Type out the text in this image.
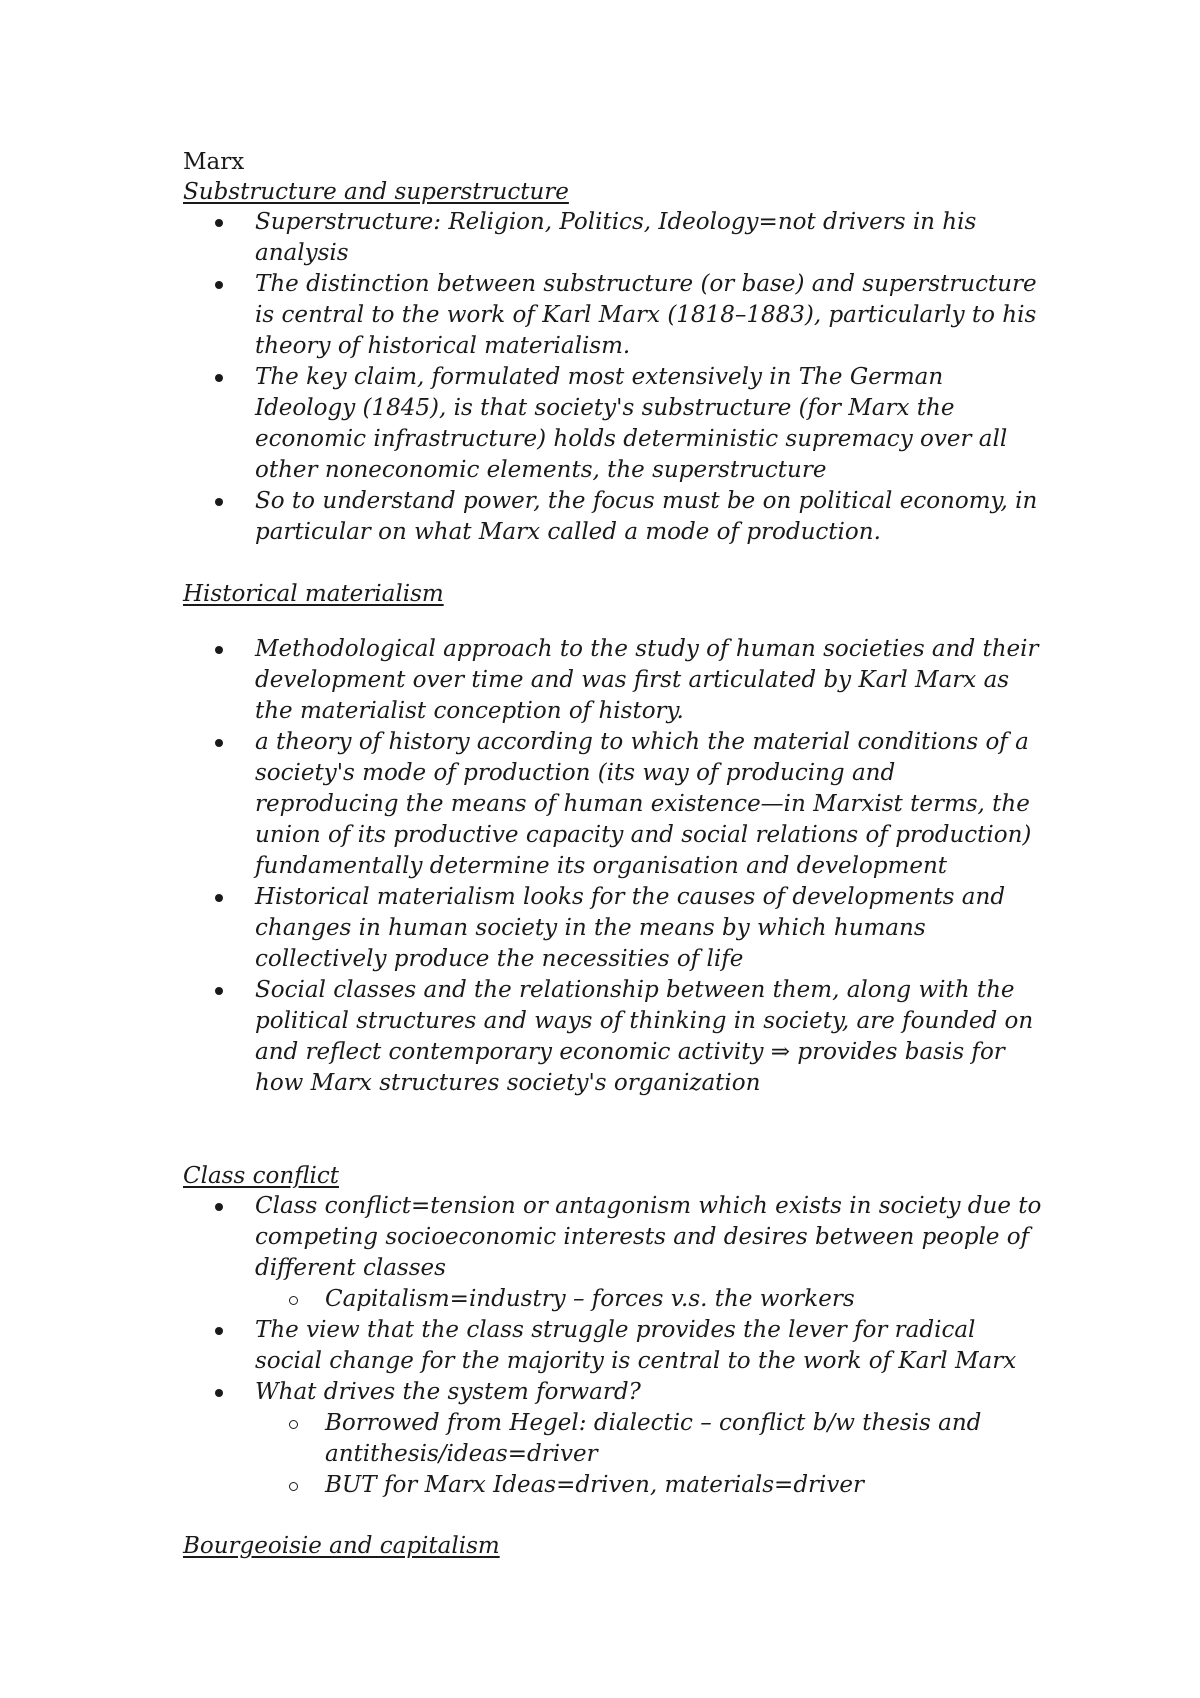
Marx
Substructure and superstructure
Superstructure: Religion, Politics, Ideology=not drivers in his analysis
The distinction between substructure (or base) and superstructure is central to the work of Karl Marx (1818–1883), particularly to his theory of historical materialism.
The key claim, formulated most extensively in The German Ideology (1845), is that society's substructure (for Marx the economic infrastructure) holds deterministic supremacy over all other noneconomic elements, the superstructure
So to understand power, the focus must be on political economy, in particular on what Marx called a mode of production.
Historical materialism
Methodological approach to the study of human societies and their development over time and was first articulated by Karl Marx as the materialist conception of history.
a theory of history according to which the material conditions of a society's mode of production (its way of producing and reproducing the means of human existence—in Marxist terms, the union of its productive capacity and social relations of production) fundamentally determine its organisation and development
Historical materialism looks for the causes of developments and changes in human society in the means by which humans collectively produce the necessities of life
Social classes and the relationship between them, along with the political structures and ways of thinking in society, are founded on and reflect contemporary economic activity ⇒ provides basis for how Marx structures society's organization
Class conflict
Class conflict=tension or antagonism which exists in society due to competing socioeconomic interests and desires between people of different classes
Capitalism=industry – forces v.s. the workers
The view that the class struggle provides the lever for radical social change for the majority is central to the work of Karl Marx
What drives the system forward?
Borrowed from Hegel: dialectic – conflict b/w thesis and antithesis/ideas=driver
BUT for Marx Ideas=driven, materials=driver
Bourgeoisie and capitalism
